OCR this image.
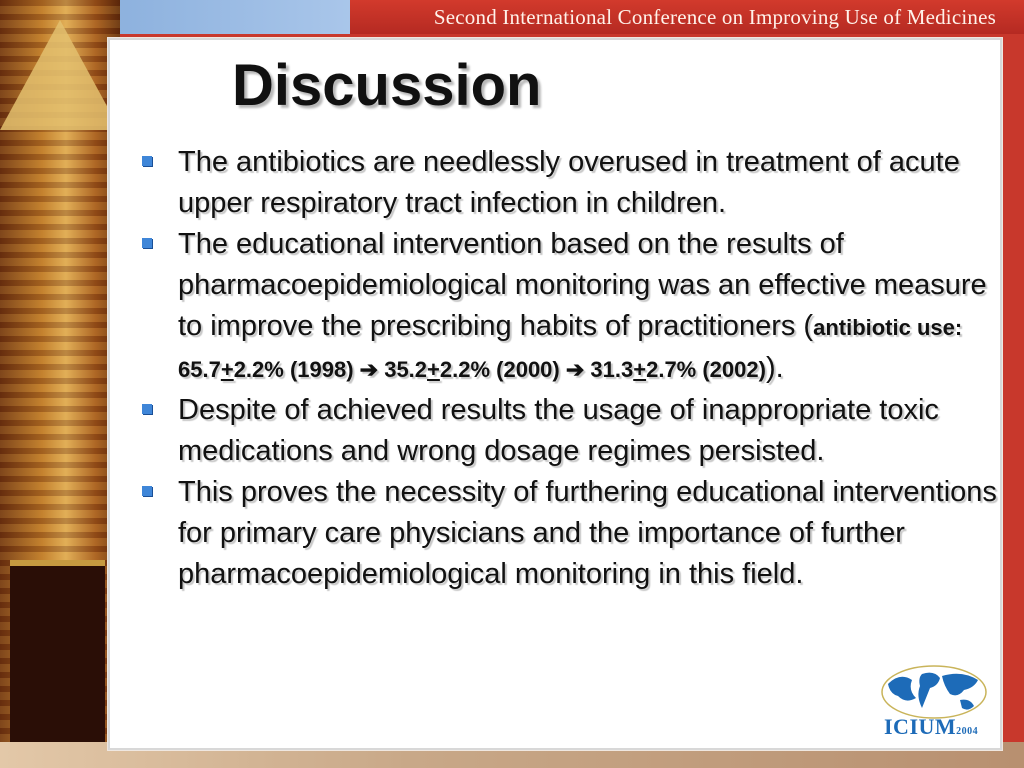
Second International Conference on Improving Use of Medicines
Discussion
The antibiotics are needlessly overused in treatment of acute upper respiratory tract infection in children.
The educational intervention based on the results of pharmacoepidemiological monitoring was an effective measure to improve the prescribing habits of practitioners (antibiotic use: 65.7+2.2% (1998) ➔ 35.2+2.2% (2000) ➔ 31.3+2.7% (2002)).
Despite of achieved results the usage of inappropriate toxic medications and wrong dosage regimes persisted.
This proves the necessity of furthering educational interventions for primary care physicians and the importance of further pharmacoepidemiological monitoring in this field.
ICIUM2004
